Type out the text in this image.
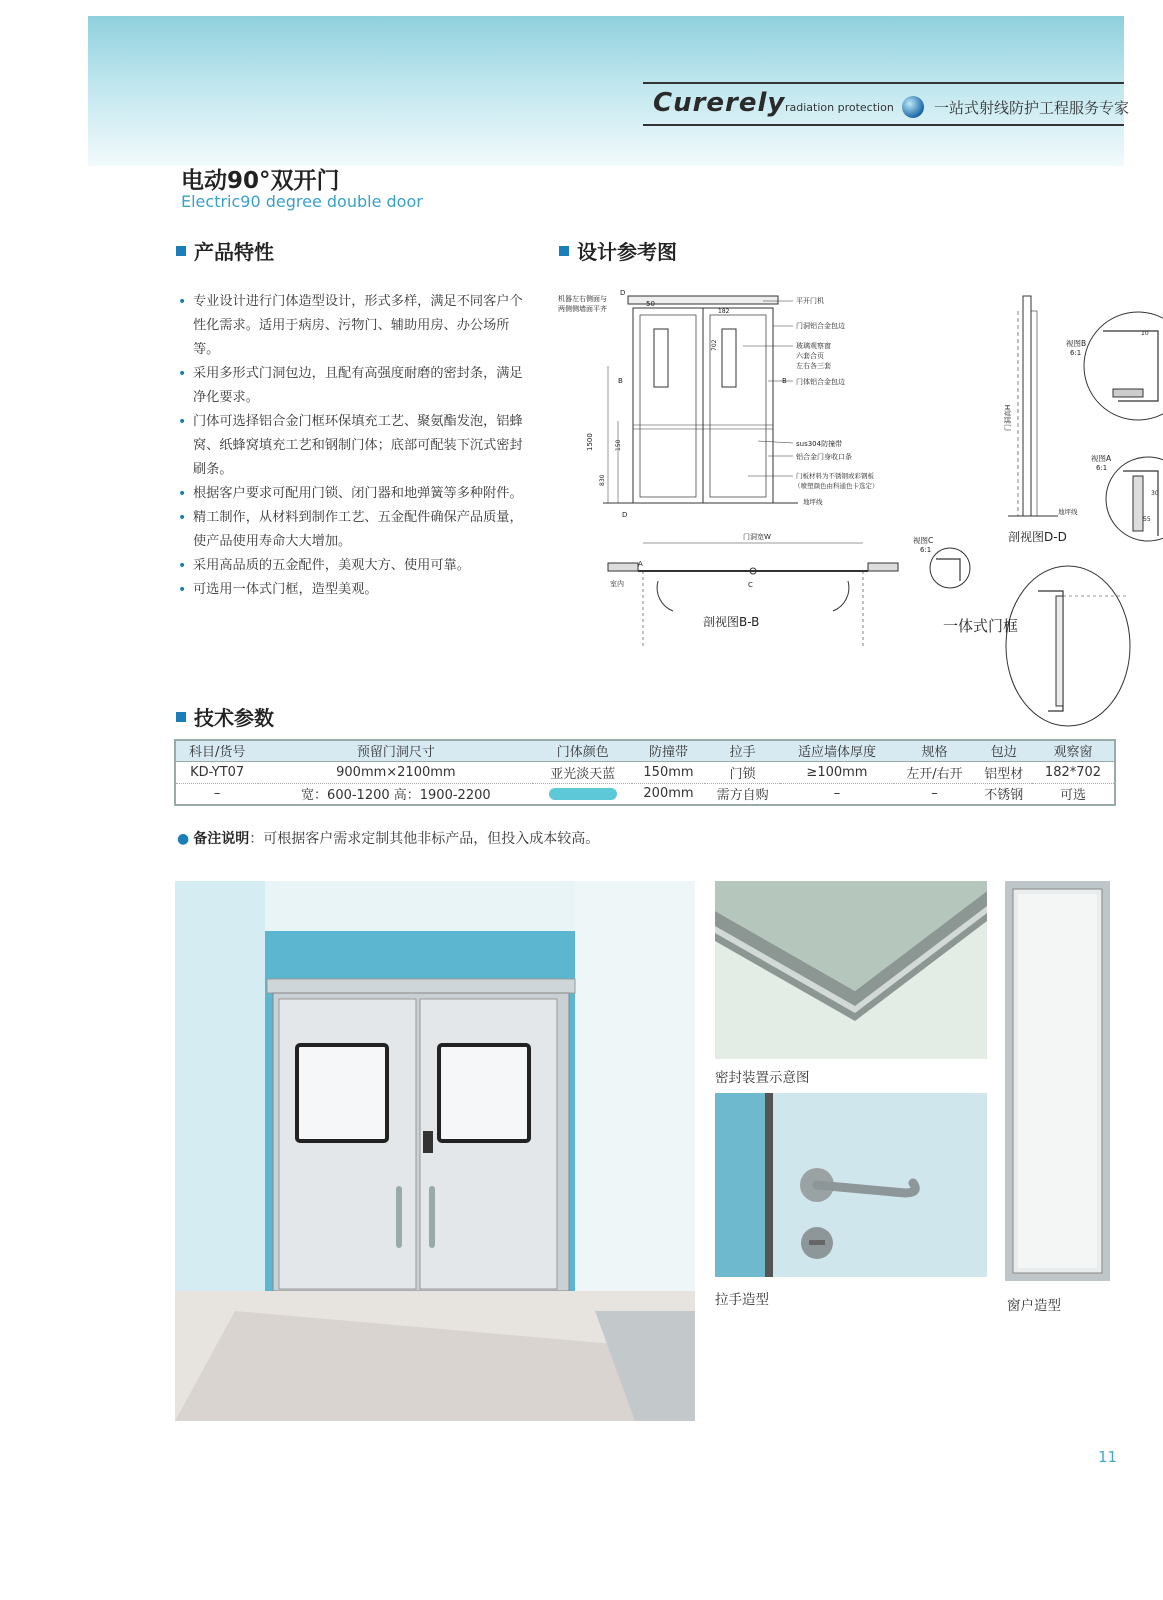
Curerely radiation protection	一站式射线防护工程服务专家
电动90°双开门
Electric90 degree double door
产品特性	设计参考图
• 专业设计进行门体造型设计，形式多样，满足不同客户个性化需求。适用于病房、污物门、辅助用房、办公场所等。
• 采用多形式门洞包边，且配有高强度耐磨的密封条，满足净化要求。
• 门体可选择铝合金门框环保填充工艺、聚氨酯发泡，铝蜂窝、纸蜂窝填充工艺和钢制门体；底部可配装下沉式密封刷条。
• 根据客户要求可配用门锁、闭门器和地弹簧等多种附件。
• 精工制作，从材料到制作工艺、五金配件确保产品质量，使产品使用寿命大大增加。
• 采用高品质的五金配件，美观大方、使用可靠。
• 可选用一体式门框，造型美观。
机器左右侧面与
两侧侧墙面平齐
50
182
1500	150
830
702
D
B	B
D
平开门机
门洞铝合金包边
玻璃观察窗
六套合页
左右各三套
门体铝合金包边
sus304防撞带
铝合金门身收口条
门板材料为不锈钢或彩钢板
（喷塑颜色由科通色卡选定）
地坪线
门洞宽W
A
C
室内
剖视图B-B
门洞高H
地坪线
剖视图D-D
视图B
6:1
10
视图A
6:1
30
55
视图C
6:1
一体式门框
技术参数
科目/货号	预留门洞尺寸	门体颜色	防撞带	拉手	适应墙体厚度	规格	包边	观察窗
KD-YT07	900mm×2100mm	亚光淡天蓝	150mm	门锁	≥100mm	左开/右开	铝型材	182*702
–	宽：600-1200 高：1900-2200		200mm	需方自购	–	–	不锈钢	可选
● 备注说明：可根据客户需求定制其他非标产品，但投入成本较高。
密封装置示意图
拉手造型	窗户造型
11
